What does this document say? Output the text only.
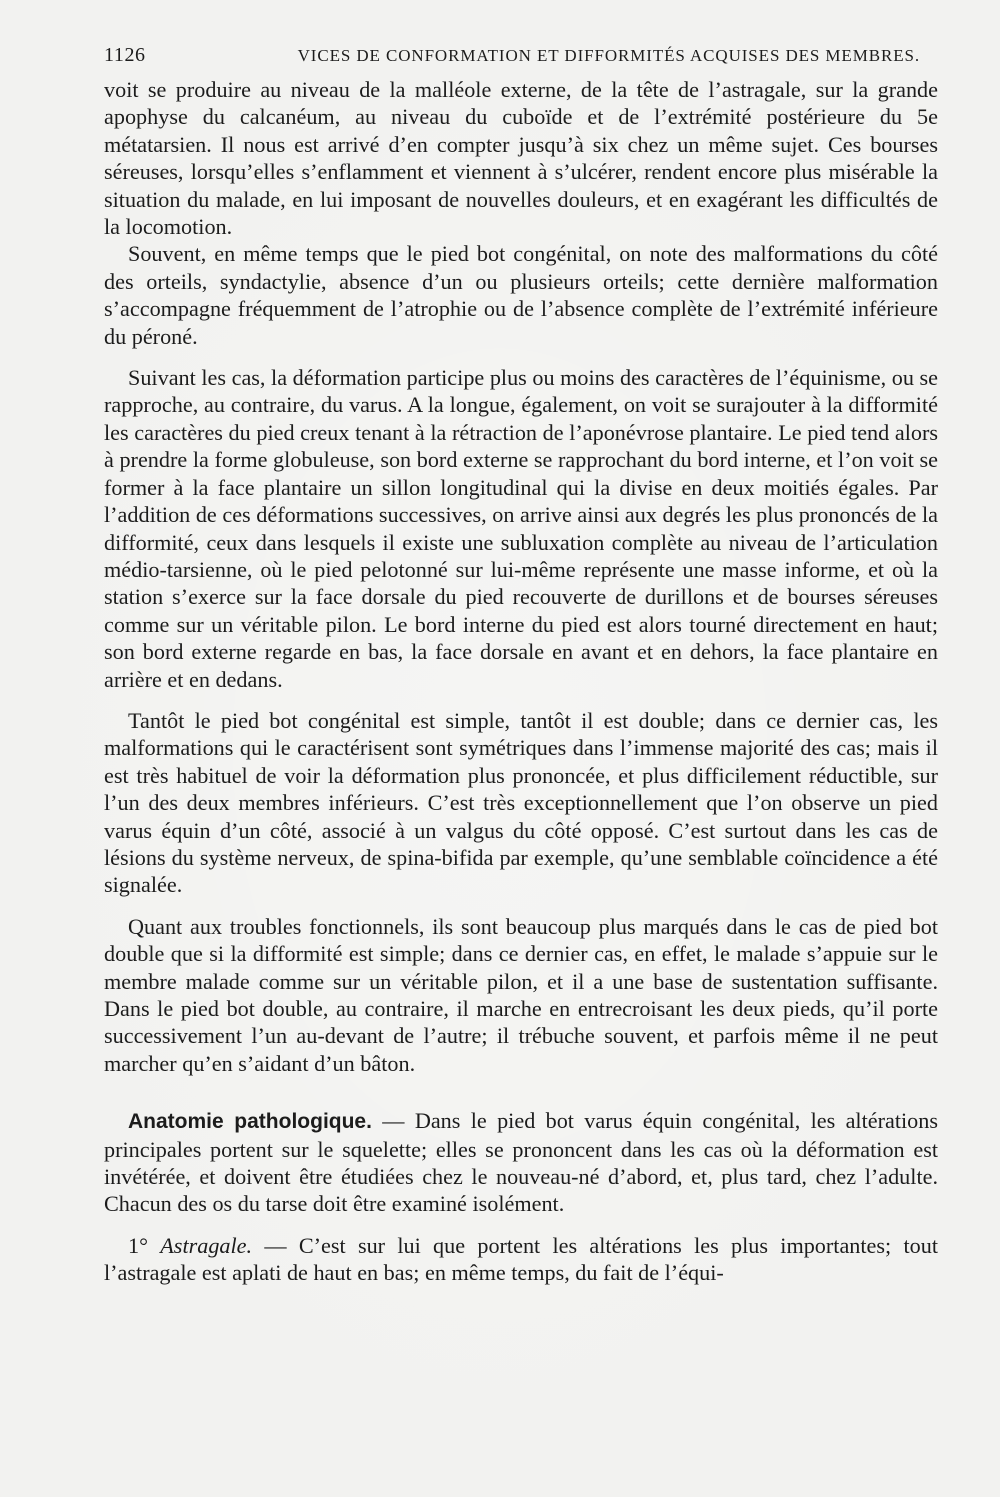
1126	VICES DE CONFORMATION ET DIFFORMITÉS ACQUISES DES MEMBRES.

voit se produire au niveau de la malléole externe, de la tête de l’astragale, sur la grande apophyse du calcanéum, au niveau du cuboïde et de l’extrémité postérieure du 5e métatarsien. Il nous est arrivé d’en compter jusqu’à six chez un même sujet. Ces bourses séreuses, lorsqu’elles s’enflamment et viennent à s’ulcérer, rendent encore plus misérable la situation du malade, en lui imposant de nouvelles douleurs, et en exagérant les difficultés de la locomotion.

Souvent, en même temps que le pied bot congénital, on note des malformations du côté des orteils, syndactylie, absence d’un ou plusieurs orteils; cette dernière malformation s’accompagne fréquemment de l’atrophie ou de l’absence complète de l’extrémité inférieure du péroné.

Suivant les cas, la déformation participe plus ou moins des caractères de l’équinisme, ou se rapproche, au contraire, du varus. A la longue, également, on voit se surajouter à la difformité les caractères du pied creux tenant à la rétraction de l’aponévrose plantaire. Le pied tend alors à prendre la forme globuleuse, son bord externe se rapprochant du bord interne, et l’on voit se former à la face plantaire un sillon longitudinal qui la divise en deux moitiés égales. Par l’addition de ces déformations successives, on arrive ainsi aux degrés les plus prononcés de la difformité, ceux dans lesquels il existe une subluxation complète au niveau de l’articulation médio-tarsienne, où le pied pelotonné sur lui-même représente une masse informe, et où la station s’exerce sur la face dorsale du pied recouverte de durillons et de bourses séreuses comme sur un véritable pilon. Le bord interne du pied est alors tourné directement en haut; son bord externe regarde en bas, la face dorsale en avant et en dehors, la face plantaire en arrière et en dedans.

Tantôt le pied bot congénital est simple, tantôt il est double; dans ce dernier cas, les malformations qui le caractérisent sont symétriques dans l’immense majorité des cas; mais il est très habituel de voir la déformation plus prononcée, et plus difficilement réductible, sur l’un des deux membres inférieurs. C’est très exceptionnellement que l’on observe un pied varus équin d’un côté, associé à un valgus du côté opposé. C’est surtout dans les cas de lésions du système nerveux, de spina-bifida par exemple, qu’une semblable coïncidence a été signalée.

Quant aux troubles fonctionnels, ils sont beaucoup plus marqués dans le cas de pied bot double que si la difformité est simple; dans ce dernier cas, en effet, le malade s’appuie sur le membre malade comme sur un véritable pilon, et il a une base de sustentation suffisante. Dans le pied bot double, au contraire, il marche en entrecroisant les deux pieds, qu’il porte successivement l’un au-devant de l’autre; il trébuche souvent, et parfois même il ne peut marcher qu’en s’aidant d’un bâton.

Anatomie pathologique. — Dans le pied bot varus équin congénital, les altérations principales portent sur le squelette; elles se prononcent dans les cas où la déformation est invétérée, et doivent être étudiées chez le nouveau-né d’abord, et, plus tard, chez l’adulte. Chacun des os du tarse doit être examiné isolément.

1° Astragale. — C’est sur lui que portent les altérations les plus importantes; tout l’astragale est aplati de haut en bas; en même temps, du fait de l’équi-
